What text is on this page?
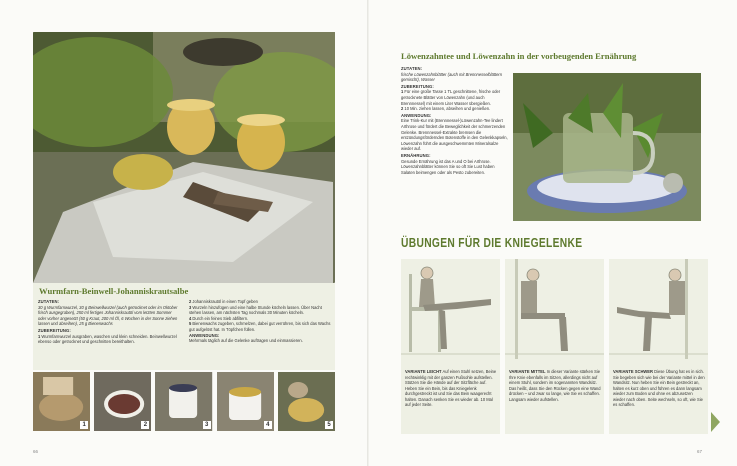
Wurmfarn-Beinwell-Johanniskrautsalbe
ZUTATEN:
30 g Wurmfarnwurzel, 30 g Beinwellwurzel (auch getrocknet oder im Oktober frisch ausgegraben), 250 ml fertiges Johanniskrautöl vom letzten Sommer oder vorher angesetzt (50 g Kraut, 200 ml Öl, 6 Wochen in der Sonne ziehen lassen und abseihen), 25 g Bienenwachs
ZUBEREITUNG:
1 Wurmfarnwurzel ausgraben, waschen und klein schneiden. Beinwellwurzel ebenso oder getrocknet und geschnitten bereithalten.
2 Johanniskrautöl in einen Topf geben
3 Wurzeln hinzufügen und eine halbe Stunde köcheln lassen. Über Nacht stehen lassen, am nächsten Tag nochmals 30 Minuten köcheln.
4 Durch ein feines Sieb abfiltern.
5 Bienenwachs zugeben, schmelzen, dabei gut verrühren, bis sich das Wachs gut aufgelöst hat. In Töpfchen füllen.
ANWENDUNG:
Mehrmals täglich auf die Gelenke auftragen und einmassieren.
1	2	3	4	5
66
Löwenzahntee und Löwenzahn in der vorbeugenden Ernährung
ZUTATEN:
frische Löwenzahnblätter (auch mit Brennnesselblättern gemischt), Wasser
ZUBEREITUNG:
1 Für eine große Tasse 1 TL geschnittene, frische oder getrocknete Blätter von Löwenzahn (und auch Brennnessel) mit einem Liter Wasser übergießen.
2 10 Min. ziehen lassen, abseihen und genießen.
ANWENDUNG:
Eine Trink-Kur mit (Brennnessel-)Löwenzahn-Tee lindert Arthrose und fördert die Beweglichkeit der schmerzenden Gelenke. Brennnessel-Extrakte bremsen die entzündungsfördernden Botenstoffe in den Gelenkkapseln, Löwenzahn führt die ausgeschwemmten Mineralsalze wieder auf.
ERNÄHRUNG:
Gesunde Ernährung ist das A und O bei Arthrose. Löwenzahnblätter können Sie so oft Sie Lust haben Salaten beimengen oder als Pesto zubereiten.
ÜBUNGEN FÜR DIE KNIEGELENKE
VARIANTE LEICHT Auf einen Stuhl setzen, Beine rechtwinklig mit der ganzen Fußsohle aufstellen. Stützen Sie die Hände auf der Sitzfläche auf. Heben Sie ein Bein, bis das Kniegelenk durchgestreckt ist und Sie das Bein waagerecht halten. Danach senken Sie es wieder ab. 10 Mal auf jeder Seite.
VARIANTE MITTEL In dieser Variante stärken Sie Ihre Knie ebenfalls im Sitzen, allerdings nicht auf einem Stuhl, sondern im sogenannten Wandsitz. Das heißt, dass Sie den Rücken gegen eine Wand drücken – und zwar so lange, wie Sie es schaffen. Langsam wieder aufstellen.
VARIANTE SCHWER Diese Übung hat es in sich. Sie begeben sich wie bei der Variante mittel in den Wandsitz. Nun heben Sie ein Bein gestreckt an, halten es kurz oben und führen es dann langsam wieder zum Boden und ohne es abzusetzen wieder nach oben. Seite wechseln, so oft, wie Sie es schaffen.
67
